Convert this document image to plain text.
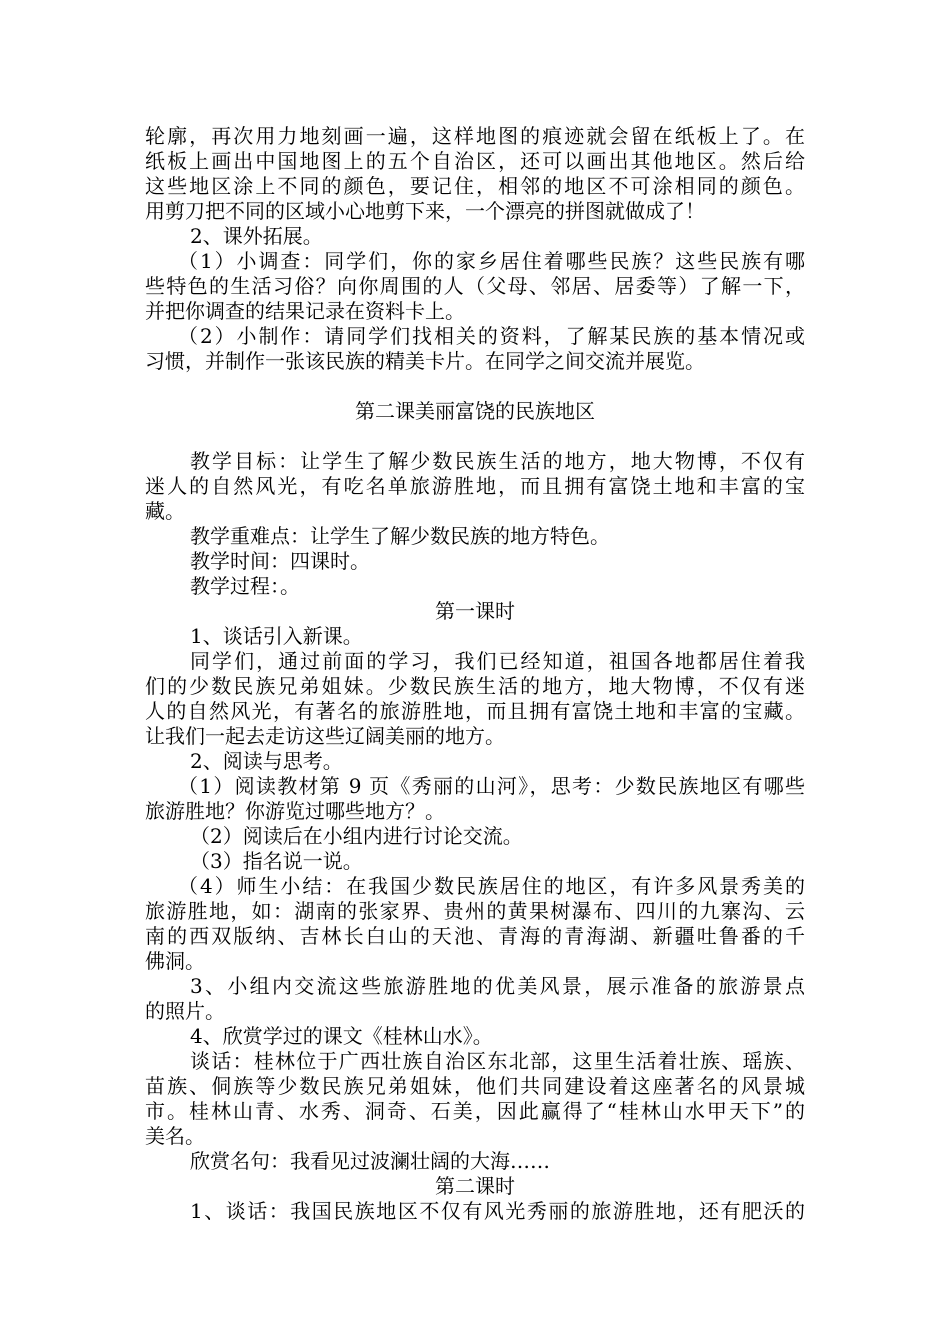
轮廓，再次用力地刻画一遍，这样地图的痕迹就会留在纸板上了。在
纸板上画出中国地图上的五个自治区，还可以画出其他地区。然后给
这些地区涂上不同的颜色，要记住，相邻的地区不可涂相同的颜色。
用剪刀把不同的区域小心地剪下来，一个漂亮的拼图就做成了！
2、课外拓展。
（1）小调查：同学们，你的家乡居住着哪些民族？这些民族有哪
些特色的生活习俗？向你周围的人（父母、邻居、居委等）了解一下，
并把你调查的结果记录在资料卡上。
（2）小制作：请同学们找相关的资料，了解某民族的基本情况或
习惯，并制作一张该民族的精美卡片。在同学之间交流并展览。
第二课美丽富饶的民族地区
教学目标：让学生了解少数民族生活的地方，地大物博，不仅有
迷人的自然风光，有吃名单旅游胜地，而且拥有富饶土地和丰富的宝
藏。
教学重难点：让学生了解少数民族的地方特色。
教学时间：四课时。
教学过程：。
第一课时
1、谈话引入新课。
同学们，通过前面的学习，我们已经知道，祖国各地都居住着我
们的少数民族兄弟姐妹。少数民族生活的地方，地大物博，不仅有迷
人的自然风光，有著名的旅游胜地，而且拥有富饶土地和丰富的宝藏。
让我们一起去走访这些辽阔美丽的地方。
2、阅读与思考。
（1）阅读教材第 9 页《秀丽的山河》，思考：少数民族地区有哪些
旅游胜地？你游览过哪些地方？。
（2）阅读后在小组内进行讨论交流。
（3）指名说一说。
（4）师生小结：在我国少数民族居住的地区，有许多风景秀美的
旅游胜地，如：湖南的张家界、贵州的黄果树瀑布、四川的九寨沟、云
南的西双版纳、吉林长白山的天池、青海的青海湖、新疆吐鲁番的千
佛洞。
3、小组内交流这些旅游胜地的优美风景，展示准备的旅游景点
的照片。
4、欣赏学过的课文《桂林山水》。
谈话：桂林位于广西壮族自治区东北部，这里生活着壮族、瑶族、
苗族、侗族等少数民族兄弟姐妹，他们共同建设着这座著名的风景城
市。桂林山青、水秀、洞奇、石美，因此赢得了“桂林山水甲天下”的
美名。
欣赏名句：我看见过波澜壮阔的大海……
第二课时
1、谈话：我国民族地区不仅有风光秀丽的旅游胜地，还有肥沃的
